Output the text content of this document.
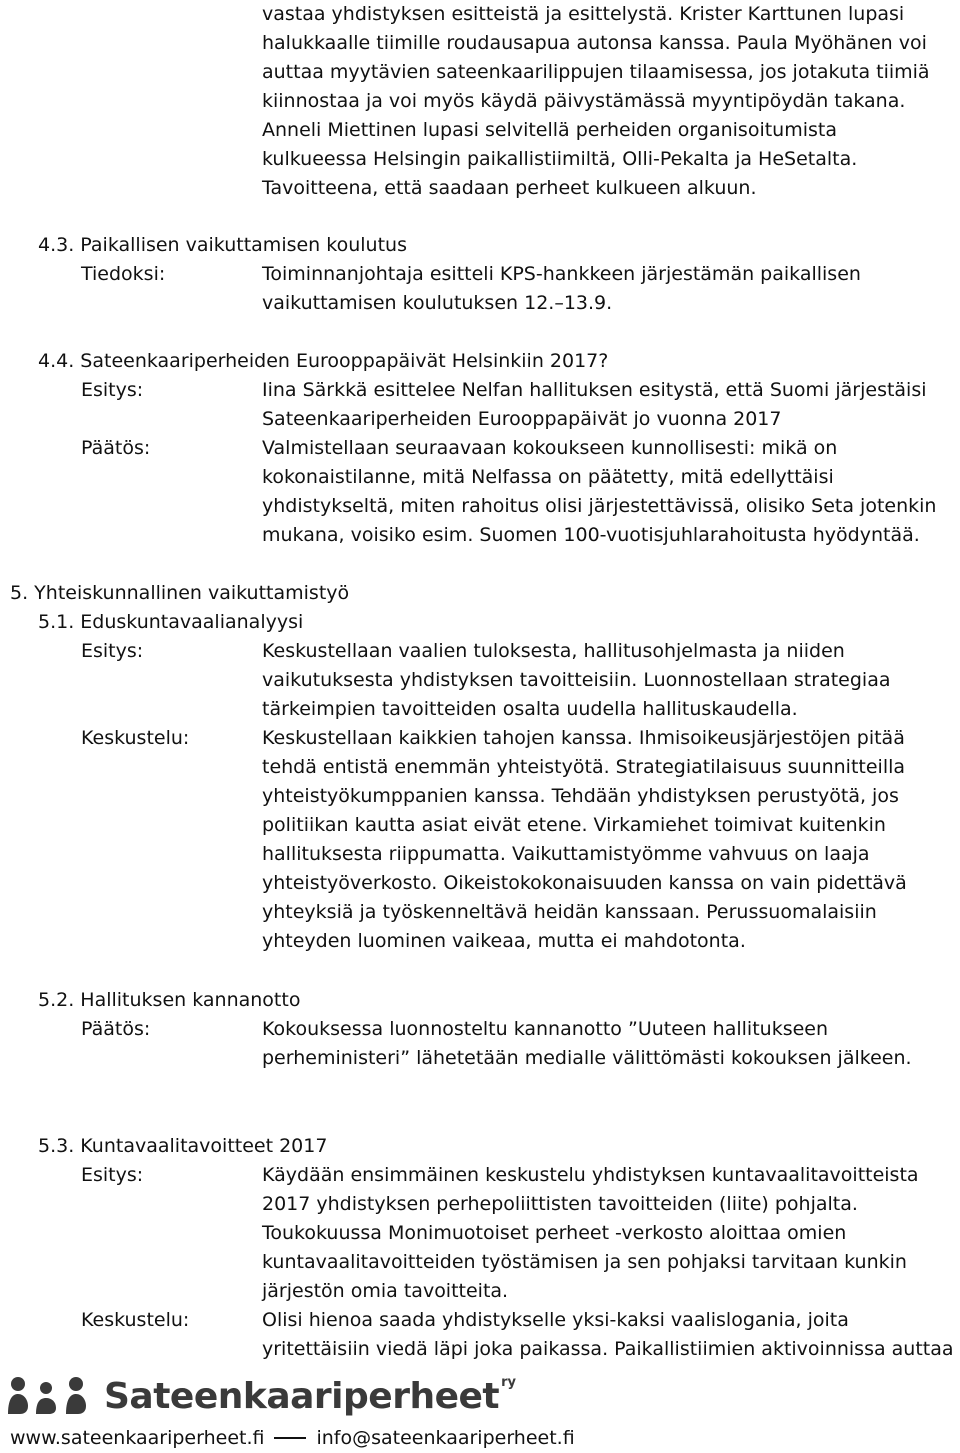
vastaa yhdistyksen esitteistä ja esittelystä. Krister Karttunen lupasi
halukkaalle tiimille roudausapua autonsa kanssa. Paula Myöhänen voi
auttaa myytävien sateenkaarilippujen tilaamisessa, jos jotakuta tiimiä
kiinnostaa ja voi myös käydä päivystämässä myyntipöydän takana.
Anneli Miettinen lupasi selvitellä perheiden organisoitumista
kulkueessa Helsingin paikallistiimiltä, Olli-Pekalta ja HeSetalta.
Tavoitteena, että saadaan perheet kulkueen alkuun.
4.3. Paikallisen vaikuttamisen koulutus
Tiedoksi:	Toiminnanjohtaja esitteli KPS-hankkeen järjestämän paikallisen
vaikuttamisen koulutuksen 12.–13.9.
4.4. Sateenkaariperheiden Eurooppapäivät Helsinkiin 2017?
Esitys:	Iina Särkkä esittelee Nelfan hallituksen esitystä, että Suomi järjestäisi
Sateenkaariperheiden Eurooppapäivät jo vuonna 2017
Päätös:	Valmistellaan seuraavaan kokoukseen kunnollisesti: mikä on
kokonaistilanne, mitä Nelfassa on päätetty, mitä edellyttäisi
yhdistykseltä, miten rahoitus olisi järjestettävissä, olisiko Seta jotenkin
mukana, voisiko esim. Suomen 100-vuotisjuhlarahoitusta hyödyntää.
5. Yhteiskunnallinen vaikuttamistyö
5.1. Eduskuntavaalianalyysi
Esitys:	Keskustellaan vaalien tuloksesta, hallitusohjelmasta ja niiden
vaikutuksesta yhdistyksen tavoitteisiin. Luonnostellaan strategiaa
tärkeimpien tavoitteiden osalta uudella hallituskaudella.
Keskustelu:	Keskustellaan kaikkien tahojen kanssa. Ihmisoikeusjärjestöjen pitää
tehdä entistä enemmän yhteistyötä. Strategiatilaisuus suunnitteilla
yhteistyökumppanien kanssa. Tehdään yhdistyksen perustyötä, jos
politiikan kautta asiat eivät etene. Virkamiehet toimivat kuitenkin
hallituksesta riippumatta. Vaikuttamistyömme vahvuus on laaja
yhteistyöverkosto. Oikeistokokonaisuuden kanssa on vain pidettävä
yhteyksiä ja työskenneltävä heidän kanssaan. Perussuomalaisiin
yhteyden luominen vaikeaa, mutta ei mahdotonta.
5.2. Hallituksen kannanotto
Päätös:	Kokouksessa luonnosteltu kannanotto ”Uuteen hallitukseen
perheministeri” lähetetään medialle välittömästi kokouksen jälkeen.
5.3. Kuntavaalitavoitteet 2017
Esitys:	Käydään ensimmäinen keskustelu yhdistyksen kuntavaalitavoitteista
2017 yhdistyksen perhepoliittisten tavoitteiden (liite) pohjalta.
Toukokuussa Monimuotoiset perheet -verkosto aloittaa omien
kuntavaalitavoitteiden työstämisen ja sen pohjaksi tarvitaan kunkin
järjestön omia tavoitteita.
Keskustelu:	Olisi hienoa saada yhdistykselle yksi-kaksi vaalislogania, joita
yritettäisiin viedä läpi joka paikassa. Paikallistiimien aktivoinnissa auttaa
Sateenkaariperheet ry
www.sateenkaariperheet.fi	info@sateenkaariperheet.fi
